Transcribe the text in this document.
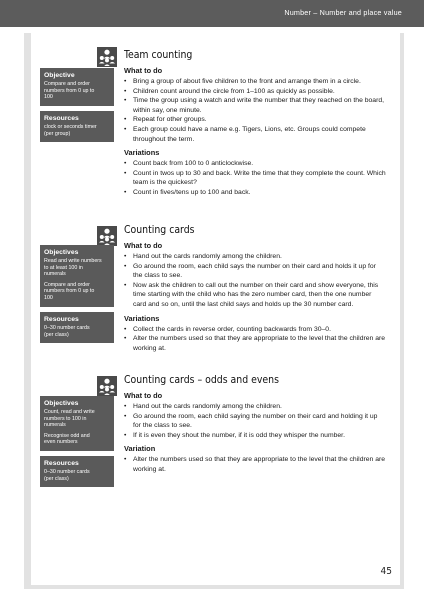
Number – Number and place value
Team counting
Objective
Compare and order
numbers from 0 up to
100
Resources
clock or seconds timer
(per group)
What to do
• Bring a group of about five children to the front and arrange them in a circle.
• Children count around the circle from 1–100 as quickly as possible.
• Time the group using a watch and write the number that they reached on the board, within say, one minute.
• Repeat for other groups.
• Each group could have a name e.g. Tigers, Lions, etc. Groups could compete throughout the term.
Variations
• Count back from 100 to 0 anticlockwise.
• Count in twos up to 30 and back. Write the time that they complete the count. Which team is the quickest?
• Count in fives/tens up to 100 and back.
Counting cards
Objectives
Read and write numbers
to at least 100 in
numerals
Compare and order
numbers from 0 up to
100
Resources
0–30 number cards
(per class)
What to do
• Hand out the cards randomly among the children.
• Go around the room, each child says the number on their card and holds it up for the class to see.
• Now ask the children to call out the number on their card and show everyone, this time starting with the child who has the zero number card, then the one number card and so on, until the last child says and holds up the 30 number card.
Variations
• Collect the cards in reverse order, counting backwards from 30–0.
• Alter the numbers used so that they are appropriate to the level that the children are working at.
Counting cards – odds and evens
Objectives
Count, read and write
numbers to 100 in
numerals
Recognise odd and
even numbers
Resources
0–30 number cards
(per class)
What to do
• Hand out the cards randomly among the children.
• Go around the room, each child saying the number on their card and holding it up for the class to see.
• If it is even they shout the number, if it is odd they whisper the number.
Variation
• Alter the numbers used so that they are appropriate to the level that the children are working at.
45
